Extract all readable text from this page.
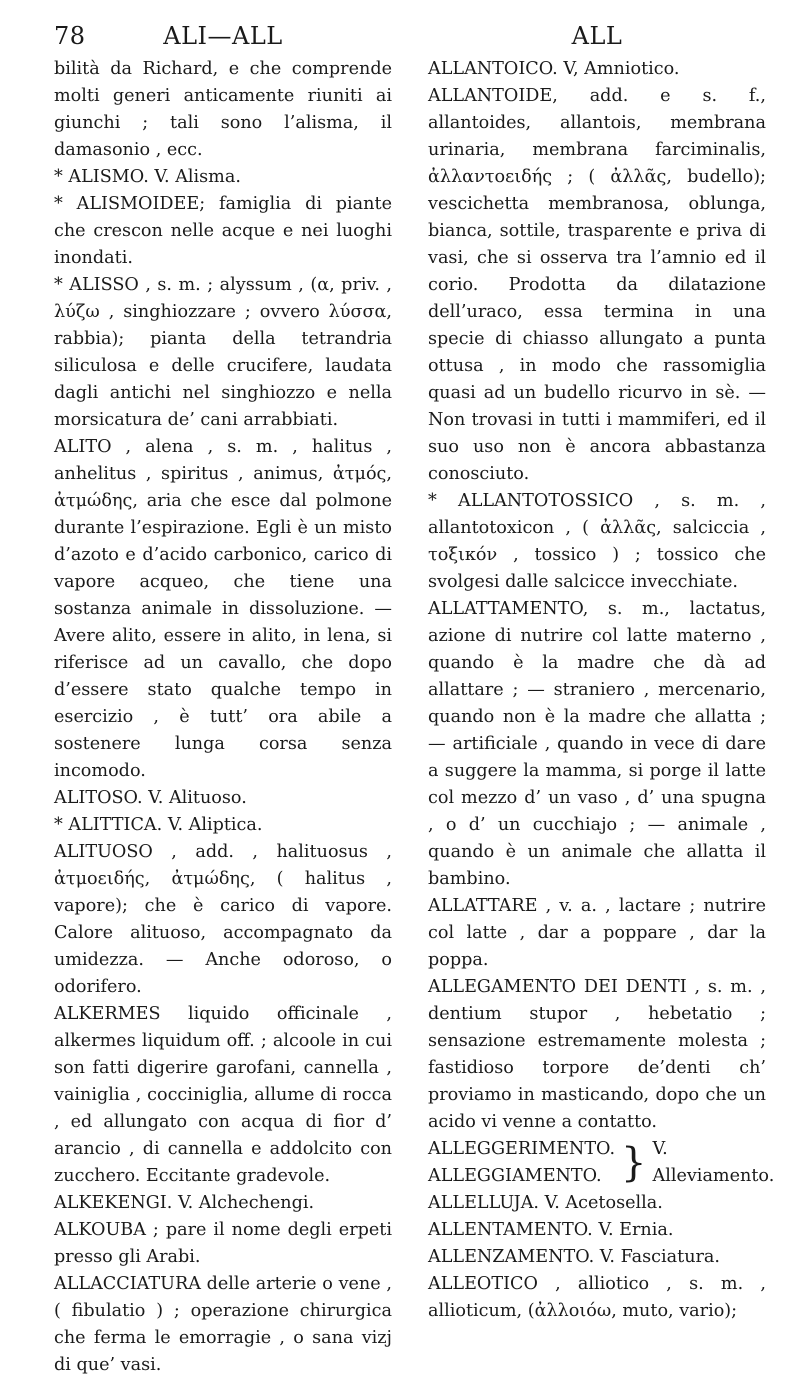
78	ALI—ALL	ALL

bilità da Richard, e che comprende molti generi anticamente riuniti ai giunchi ; tali sono l’alisma, il damasonio , ecc.

* ALISMO. V. Alisma.

* ALISMOIDEE; famiglia di piante che crescon nelle acque e nei luoghi inondati.

* ALISSO , s. m. ; alyssum , (α, priv. , λύζω , singhiozzare ; ovvero λύσσα, rabbia); pianta della tetrandria siliculosa e delle crucifere, laudata dagli antichi nel singhiozzo e nella morsicatura de’ cani arrabbiati.

ALITO , alena , s. m. , halitus , anhelitus , spiritus , animus, ἀτμός, ἀτμώδης, aria che esce dal polmone durante l’espirazione. Egli è un misto d’azoto e d’acido carbonico, carico di vapore acqueo, che tiene una sostanza animale in dissoluzione. — Avere alito, essere in alito, in lena, si riferisce ad un cavallo, che dopo d’essere stato qualche tempo in esercizio , è tutt’ ora abile a sostenere lunga corsa senza incomodo.

ALITOSO. V. Alituoso.

* ALITTICA. V. Aliptica.

ALITUOSO , add. , halituosus , ἀτμοειδής, ἀτμώδης, ( halitus , vapore); che è carico di vapore. Calore alituoso, accompagnato da umidezza. — Anche odoroso, o odorifero.

ALKERMES liquido officinale , alkermes liquidum off. ; alcoole in cui son fatti digerire garofani, cannella , vainiglia , cocciniglia, allume di rocca , ed allungato con acqua di fior d’ arancio , di cannella e addolcito con zucchero. Eccitante gradevole.

ALKEKENGI. V. Alchechengi.

ALKOUBA ; pare il nome degli erpeti presso gli Arabi.

ALLACCIATURA delle arterie o vene , ( fibulatio ) ; operazione chirurgica che ferma le emorragie , o sana vizj di que’ vasi.

ALLANTOICO. V, Amniotico.

ALLANTOIDE, add. e s. f., allantoides, allantois, membrana urinaria, membrana farciminalis, ἀλλαντοειδής ; ( ἀλλᾶς, budello); vescichetta membranosa, oblunga, bianca, sottile, trasparente e priva di vasi, che si osserva tra l’amnio ed il corio. Prodotta da dilatazione dell’uraco, essa termina in una specie di chiasso allungato a punta ottusa , in modo che rassomiglia quasi ad un budello ricurvo in sè. — Non trovasi in tutti i mammiferi, ed il suo uso non è ancora abbastanza conosciuto.

* ALLANTOTOSSICO , s. m. , allantotoxicon , ( ἀλλᾶς, salciccia , τοξικόν , tossico ) ; tossico che svolgesi dalle salcicce invecchiate.

ALLATTAMENTO, s. m., lactatus, azione di nutrire col latte materno , quando è la madre che dà ad allattare ; — straniero , mercenario, quando non è la madre che allatta ; — artificiale , quando in vece di dare a suggere la mamma, si porge il latte col mezzo d’ un vaso , d’ una spugna , o d’ un cucchiajo ; — animale , quando è un animale che allatta il bambino.

ALLATTARE , v. a. , lactare ; nutrire col latte , dar a poppare , dar la poppa.

ALLEGAMENTO DEI DENTI , s. m. , dentium stupor , hebetatio ; sensazione estremamente molesta ; fastidioso torpore de’denti ch’ proviamo in masticando, dopo che un acido vi venne a contatto.

ALLEGGERIMENTO.
ALLEGGIAMENTO. } V. Alleviamento.

ALLELLUJA. V. Acetosella.

ALLENTAMENTO. V. Ernia.

ALLENZAMENTO. V. Fasciatura.

ALLEOTICO , alliotico , s. m. , allioticum, (ἀλλοιόω, muto, vario);
